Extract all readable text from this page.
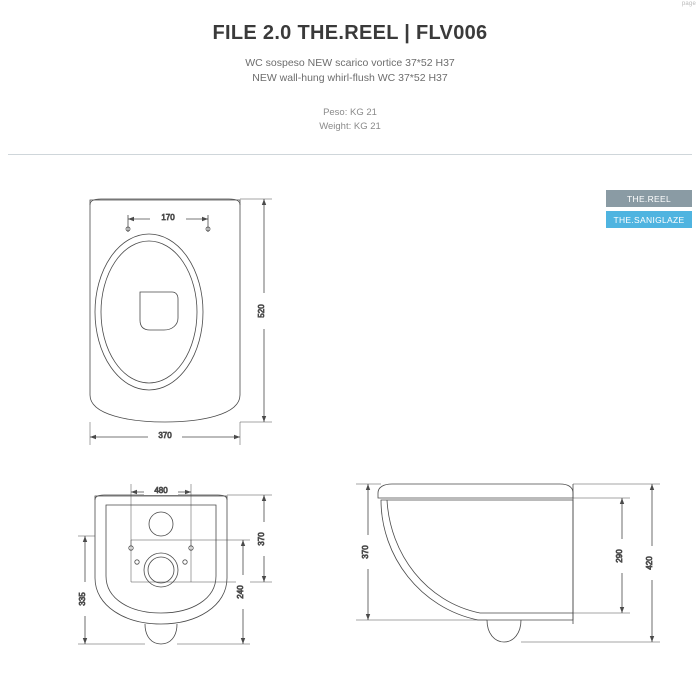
page
FILE 2.0 THE.REEL | FLV006
WC sospeso NEW scarico vortice 37*52 H37
NEW wall-hung whirl-flush WC 37*52 H37
Peso: KG 21
Weight: KG 21
THE.REEL
THE.SANIGLAZE
170
520
370
480
335
370
240
370	290
420
